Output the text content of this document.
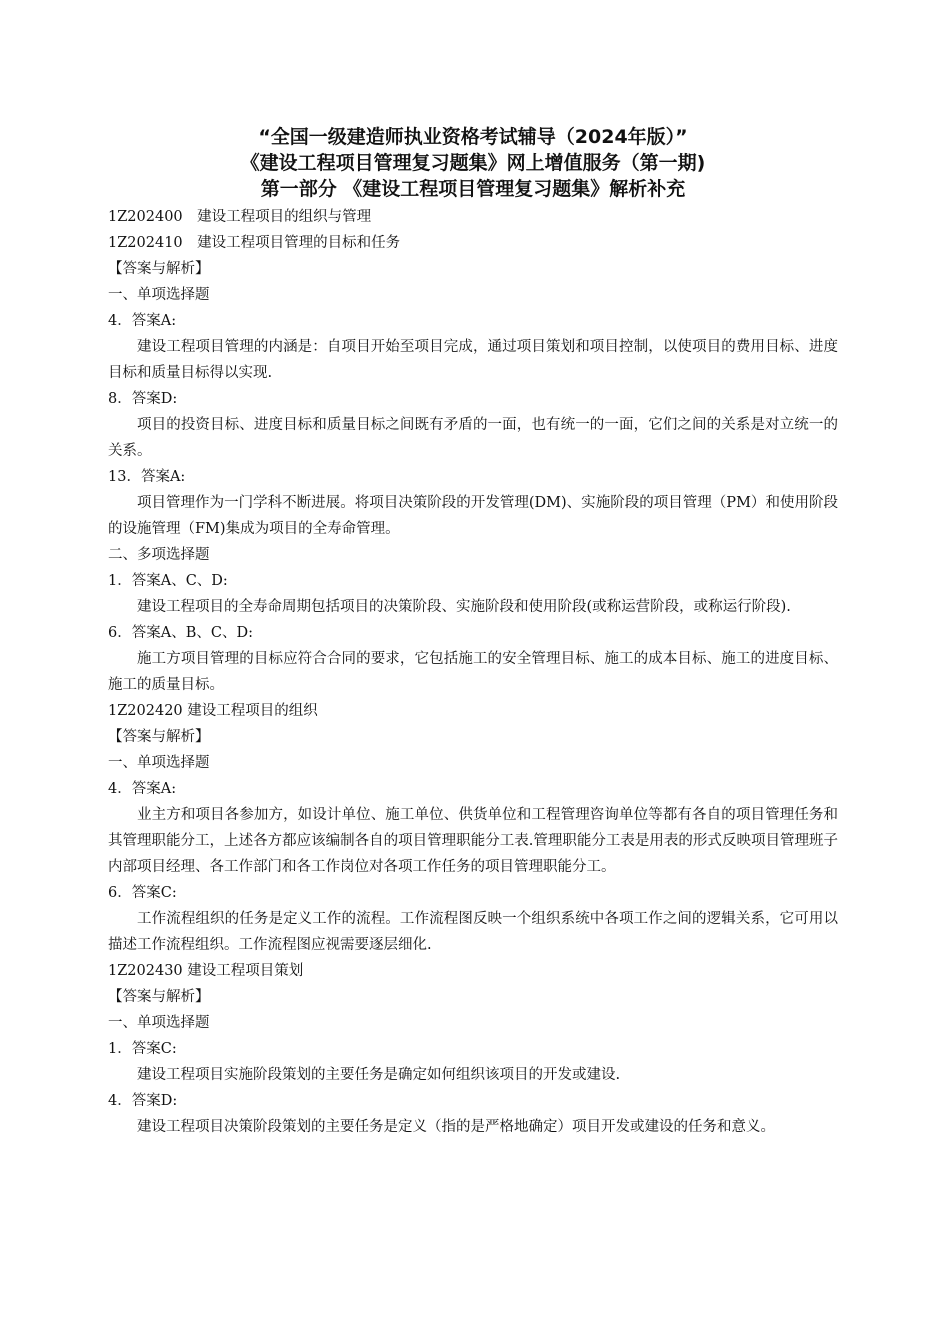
“全国一级建造师执业资格考试辅导（2024年版）”
《建设工程项目管理复习题集》网上增值服务（第一期)
第一部分 《建设工程项目管理复习题集》解析补充

1Z202400　建设工程项目的组织与管理

1Z202410　建设工程项目管理的目标和任务

【答案与解析】

一、单项选择题

4．答案A:

建设工程项目管理的内涵是：自项目开始至项目完成，通过项目策划和项目控制，以使项目的费用目标、进度目标和质量目标得以实现.

8．答案D:

项目的投资目标、进度目标和质量目标之间既有矛盾的一面，也有统一的一面，它们之间的关系是对立统一的关系。

13．答案A:

项目管理作为一门学科不断进展。将项目决策阶段的开发管理(DM)、实施阶段的项目管理（PM）和使用阶段的设施管理（FM)集成为项目的全寿命管理。

二、多项选择题

1．答案A、C、D:

建设工程项目的全寿命周期包括项目的决策阶段、实施阶段和使用阶段(或称运营阶段，或称运行阶段).

6．答案A、B、C、D:

施工方项目管理的目标应符合合同的要求，它包括施工的安全管理目标、施工的成本目标、施工的进度目标、施工的质量目标。

1Z202420 建设工程项目的组织

【答案与解析】

一、单项选择题

4．答案A:

业主方和项目各参加方，如设计单位、施工单位、供货单位和工程管理咨询单位等都有各自的项目管理任务和其管理职能分工，上述各方都应该编制各自的项目管理职能分工表.管理职能分工表是用表的形式反映项目管理班子内部项目经理、各工作部门和各工作岗位对各项工作任务的项目管理职能分工。

6．答案C:

工作流程组织的任务是定义工作的流程。工作流程图反映一个组织系统中各项工作之间的逻辑关系，它可用以描述工作流程组织。工作流程图应视需要逐层细化.

1Z202430 建设工程项目策划

【答案与解析】

一、单项选择题

1．答案C:

建设工程项目实施阶段策划的主要任务是确定如何组织该项目的开发或建设.

4．答案D:

建设工程项目决策阶段策划的主要任务是定义（指的是严格地确定）项目开发或建设的任务和意义。
